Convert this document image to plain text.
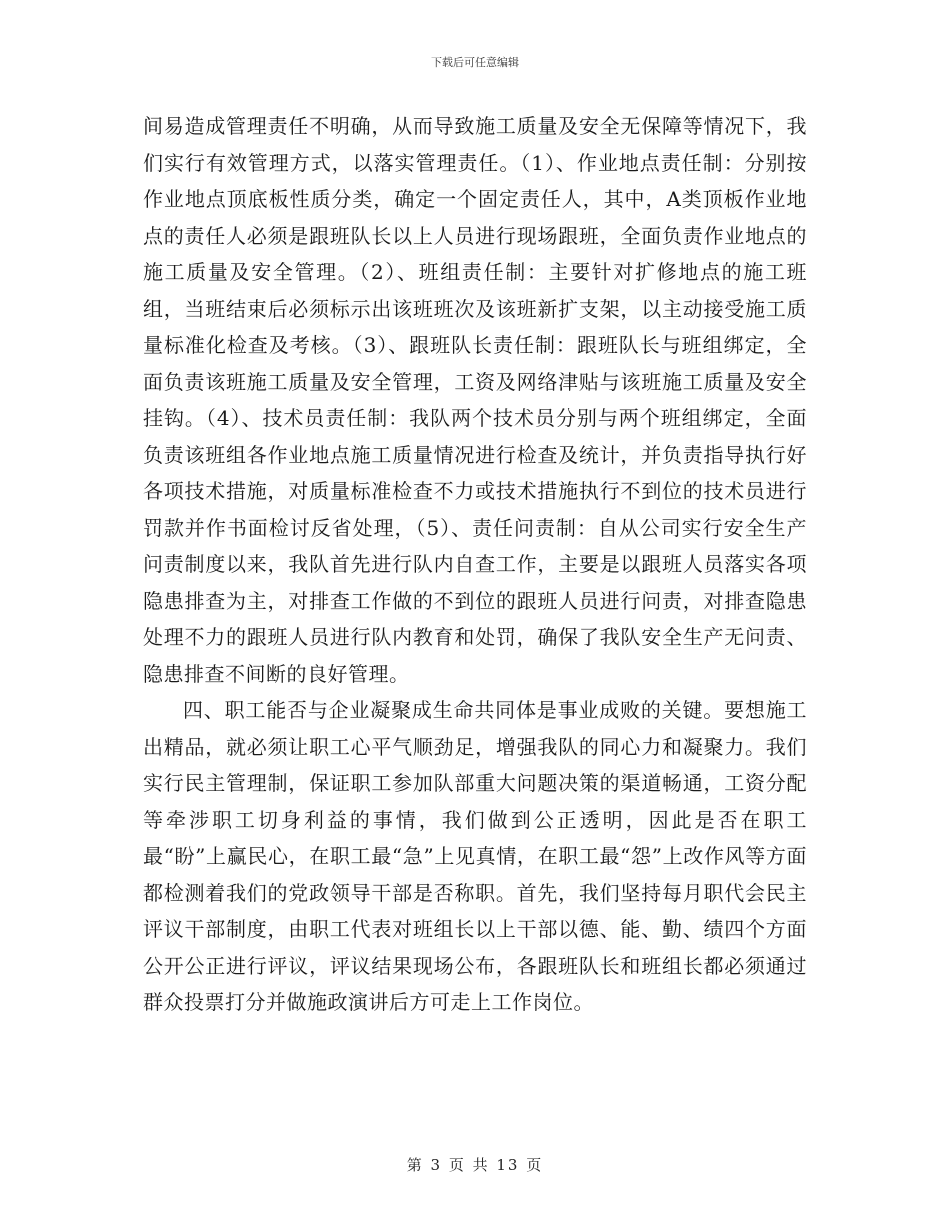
下载后可任意编辑

间易造成管理责任不明确，从而导致施工质量及安全无保障等情况下，我们实行有效管理方式，以落实管理责任。（1）、作业地点责任制：分别按作业地点顶底板性质分类，确定一个固定责任人，其中，A类顶板作业地点的责任人必须是跟班队长以上人员进行现场跟班，全面负责作业地点的施工质量及安全管理。（2）、班组责任制：主要针对扩修地点的施工班组，当班结束后必须标示出该班班次及该班新扩支架，以主动接受施工质量标准化检查及考核。（3）、跟班队长责任制：跟班队长与班组绑定，全面负责该班施工质量及安全管理，工资及网络津贴与该班施工质量及安全挂钩。（4）、技术员责任制：我队两个技术员分别与两个班组绑定，全面负责该班组各作业地点施工质量情况进行检查及统计，并负责指导执行好各项技术措施，对质量标准检查不力或技术措施执行不到位的技术员进行罚款并作书面检讨反省处理，（5）、责任问责制：自从公司实行安全生产问责制度以来，我队首先进行队内自查工作，主要是以跟班人员落实各项隐患排查为主，对排查工作做的不到位的跟班人员进行问责，对排查隐患处理不力的跟班人员进行队内教育和处罚，确保了我队安全生产无问责、隐患排查不间断的良好管理。

四、职工能否与企业凝聚成生命共同体是事业成败的关键。要想施工出精品，就必须让职工心平气顺劲足，增强我队的同心力和凝聚力。我们实行民主管理制，保证职工参加队部重大问题决策的渠道畅通，工资分配等牵涉职工切身利益的事情，我们做到公正透明，因此是否在职工最“盼”上赢民心，在职工最“急”上见真情，在职工最“怨”上改作风等方面都检测着我们的党政领导干部是否称职。首先，我们坚持每月职代会民主评议干部制度，由职工代表对班组长以上干部以德、能、勤、绩四个方面公开公正进行评议，评议结果现场公布，各跟班队长和班组长都必须通过群众投票打分并做施政演讲后方可走上工作岗位。

第 3 页 共 13 页
